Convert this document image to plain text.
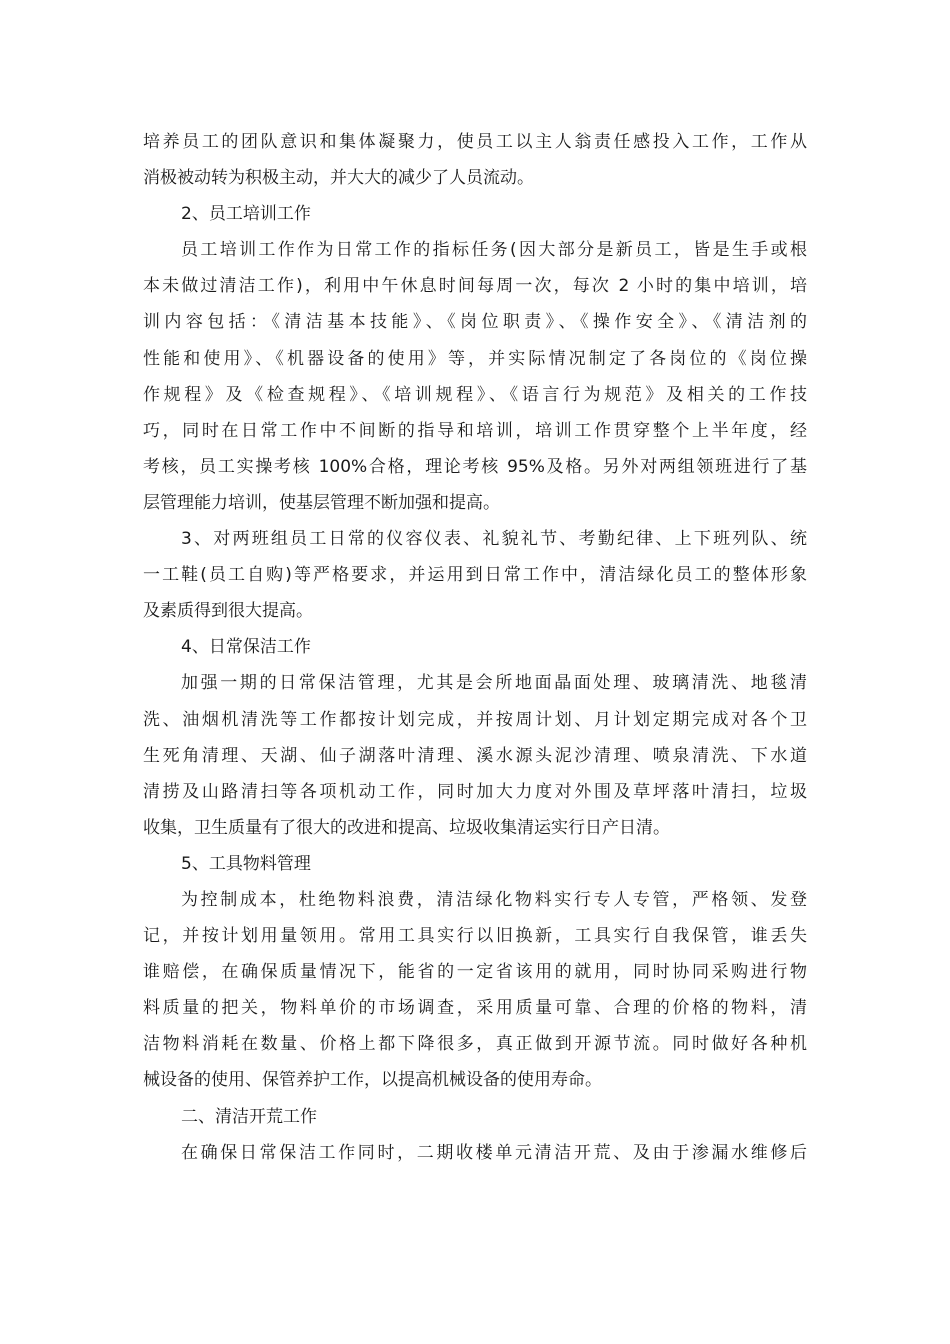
培养员工的团队意识和集体凝聚力，使员工以主人翁责任感投入工作，工作从
消极被动转为积极主动，并大大的减少了人员流动。
2、员工培训工作
员工培训工作作为日常工作的指标任务(因大部分是新员工，皆是生手或根
本未做过清洁工作)，利用中午休息时间每周一次，每次 2 小时的集中培训，培
训内容包括：《清洁基本技能》、《岗位职责》、《操作安全》、《清洁剂的
性能和使用》、《机器设备的使用》等，并实际情况制定了各岗位的《岗位操
作规程》及《检查规程》、《培训规程》、《语言行为规范》及相关的工作技
巧，同时在日常工作中不间断的指导和培训，培训工作贯穿整个上半年度，经
考核，员工实操考核 100%合格，理论考核 95%及格。另外对两组领班进行了基
层管理能力培训，使基层管理不断加强和提高。
3、对两班组员工日常的仪容仪表、礼貌礼节、考勤纪律、上下班列队、统
一工鞋(员工自购)等严格要求，并运用到日常工作中，清洁绿化员工的整体形象
及素质得到很大提高。
4、日常保洁工作
加强一期的日常保洁管理，尤其是会所地面晶面处理、玻璃清洗、地毯清
洗、油烟机清洗等工作都按计划完成，并按周计划、月计划定期完成对各个卫
生死角清理、天湖、仙子湖落叶清理、溪水源头泥沙清理、喷泉清洗、下水道
清捞及山路清扫等各项机动工作，同时加大力度对外围及草坪落叶清扫，垃圾
收集，卫生质量有了很大的改进和提高、垃圾收集清运实行日产日清。
5、工具物料管理
为控制成本，杜绝物料浪费，清洁绿化物料实行专人专管，严格领、发登
记，并按计划用量领用。常用工具实行以旧换新，工具实行自我保管，谁丢失
谁赔偿，在确保质量情况下，能省的一定省该用的就用，同时协同采购进行物
料质量的把关，物料单价的市场调查，采用质量可靠、合理的价格的物料，清
洁物料消耗在数量、价格上都下降很多，真正做到开源节流。同时做好各种机
械设备的使用、保管养护工作，以提高机械设备的使用寿命。
二、清洁开荒工作
在确保日常保洁工作同时，二期收楼单元清洁开荒、及由于渗漏水维修后
